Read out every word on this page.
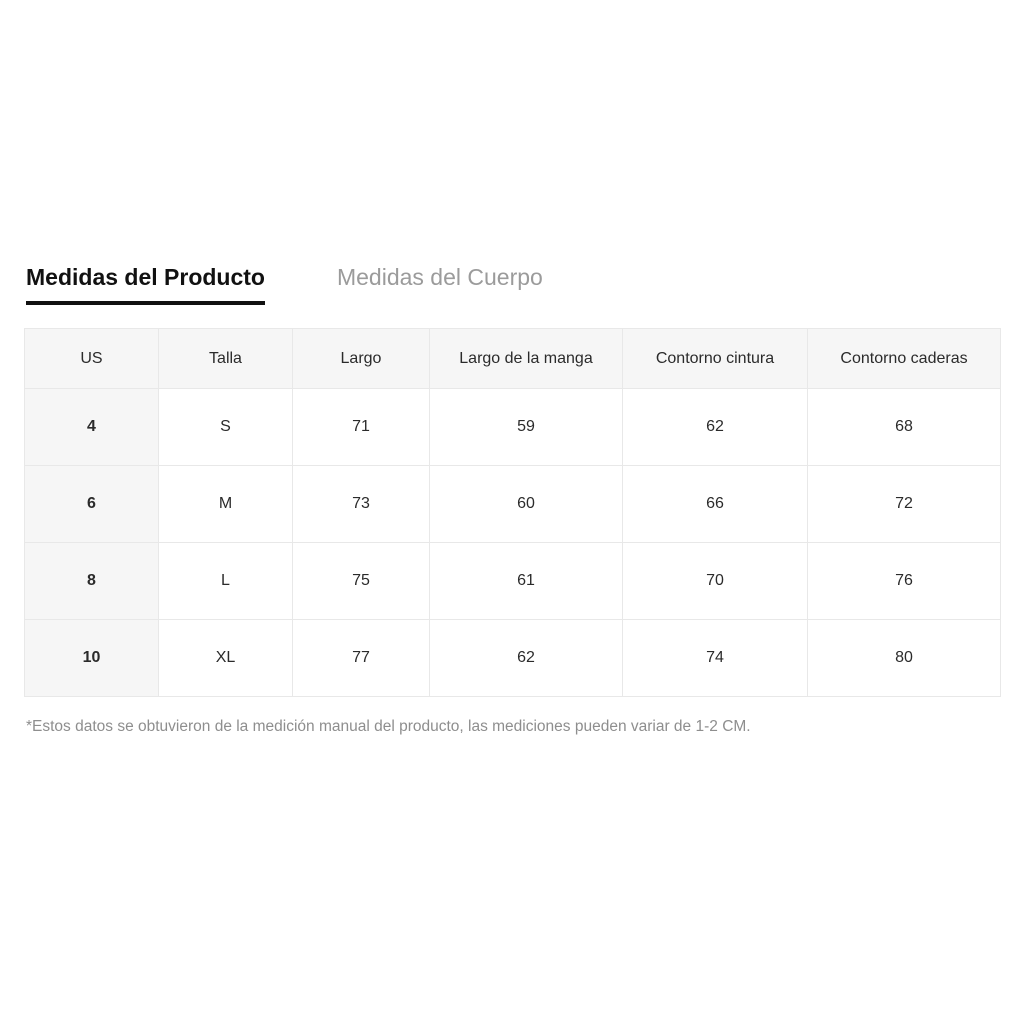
Medidas del Producto	Medidas del Cuerpo
US	Talla	Largo	Largo de la manga	Contorno cintura	Contorno caderas
4	S	71	59	62	68
6	M	73	60	66	72
8	L	75	61	70	76
10	XL	77	62	74	80
*Estos datos se obtuvieron de la medición manual del producto, las mediciones pueden variar de 1-2 CM.
